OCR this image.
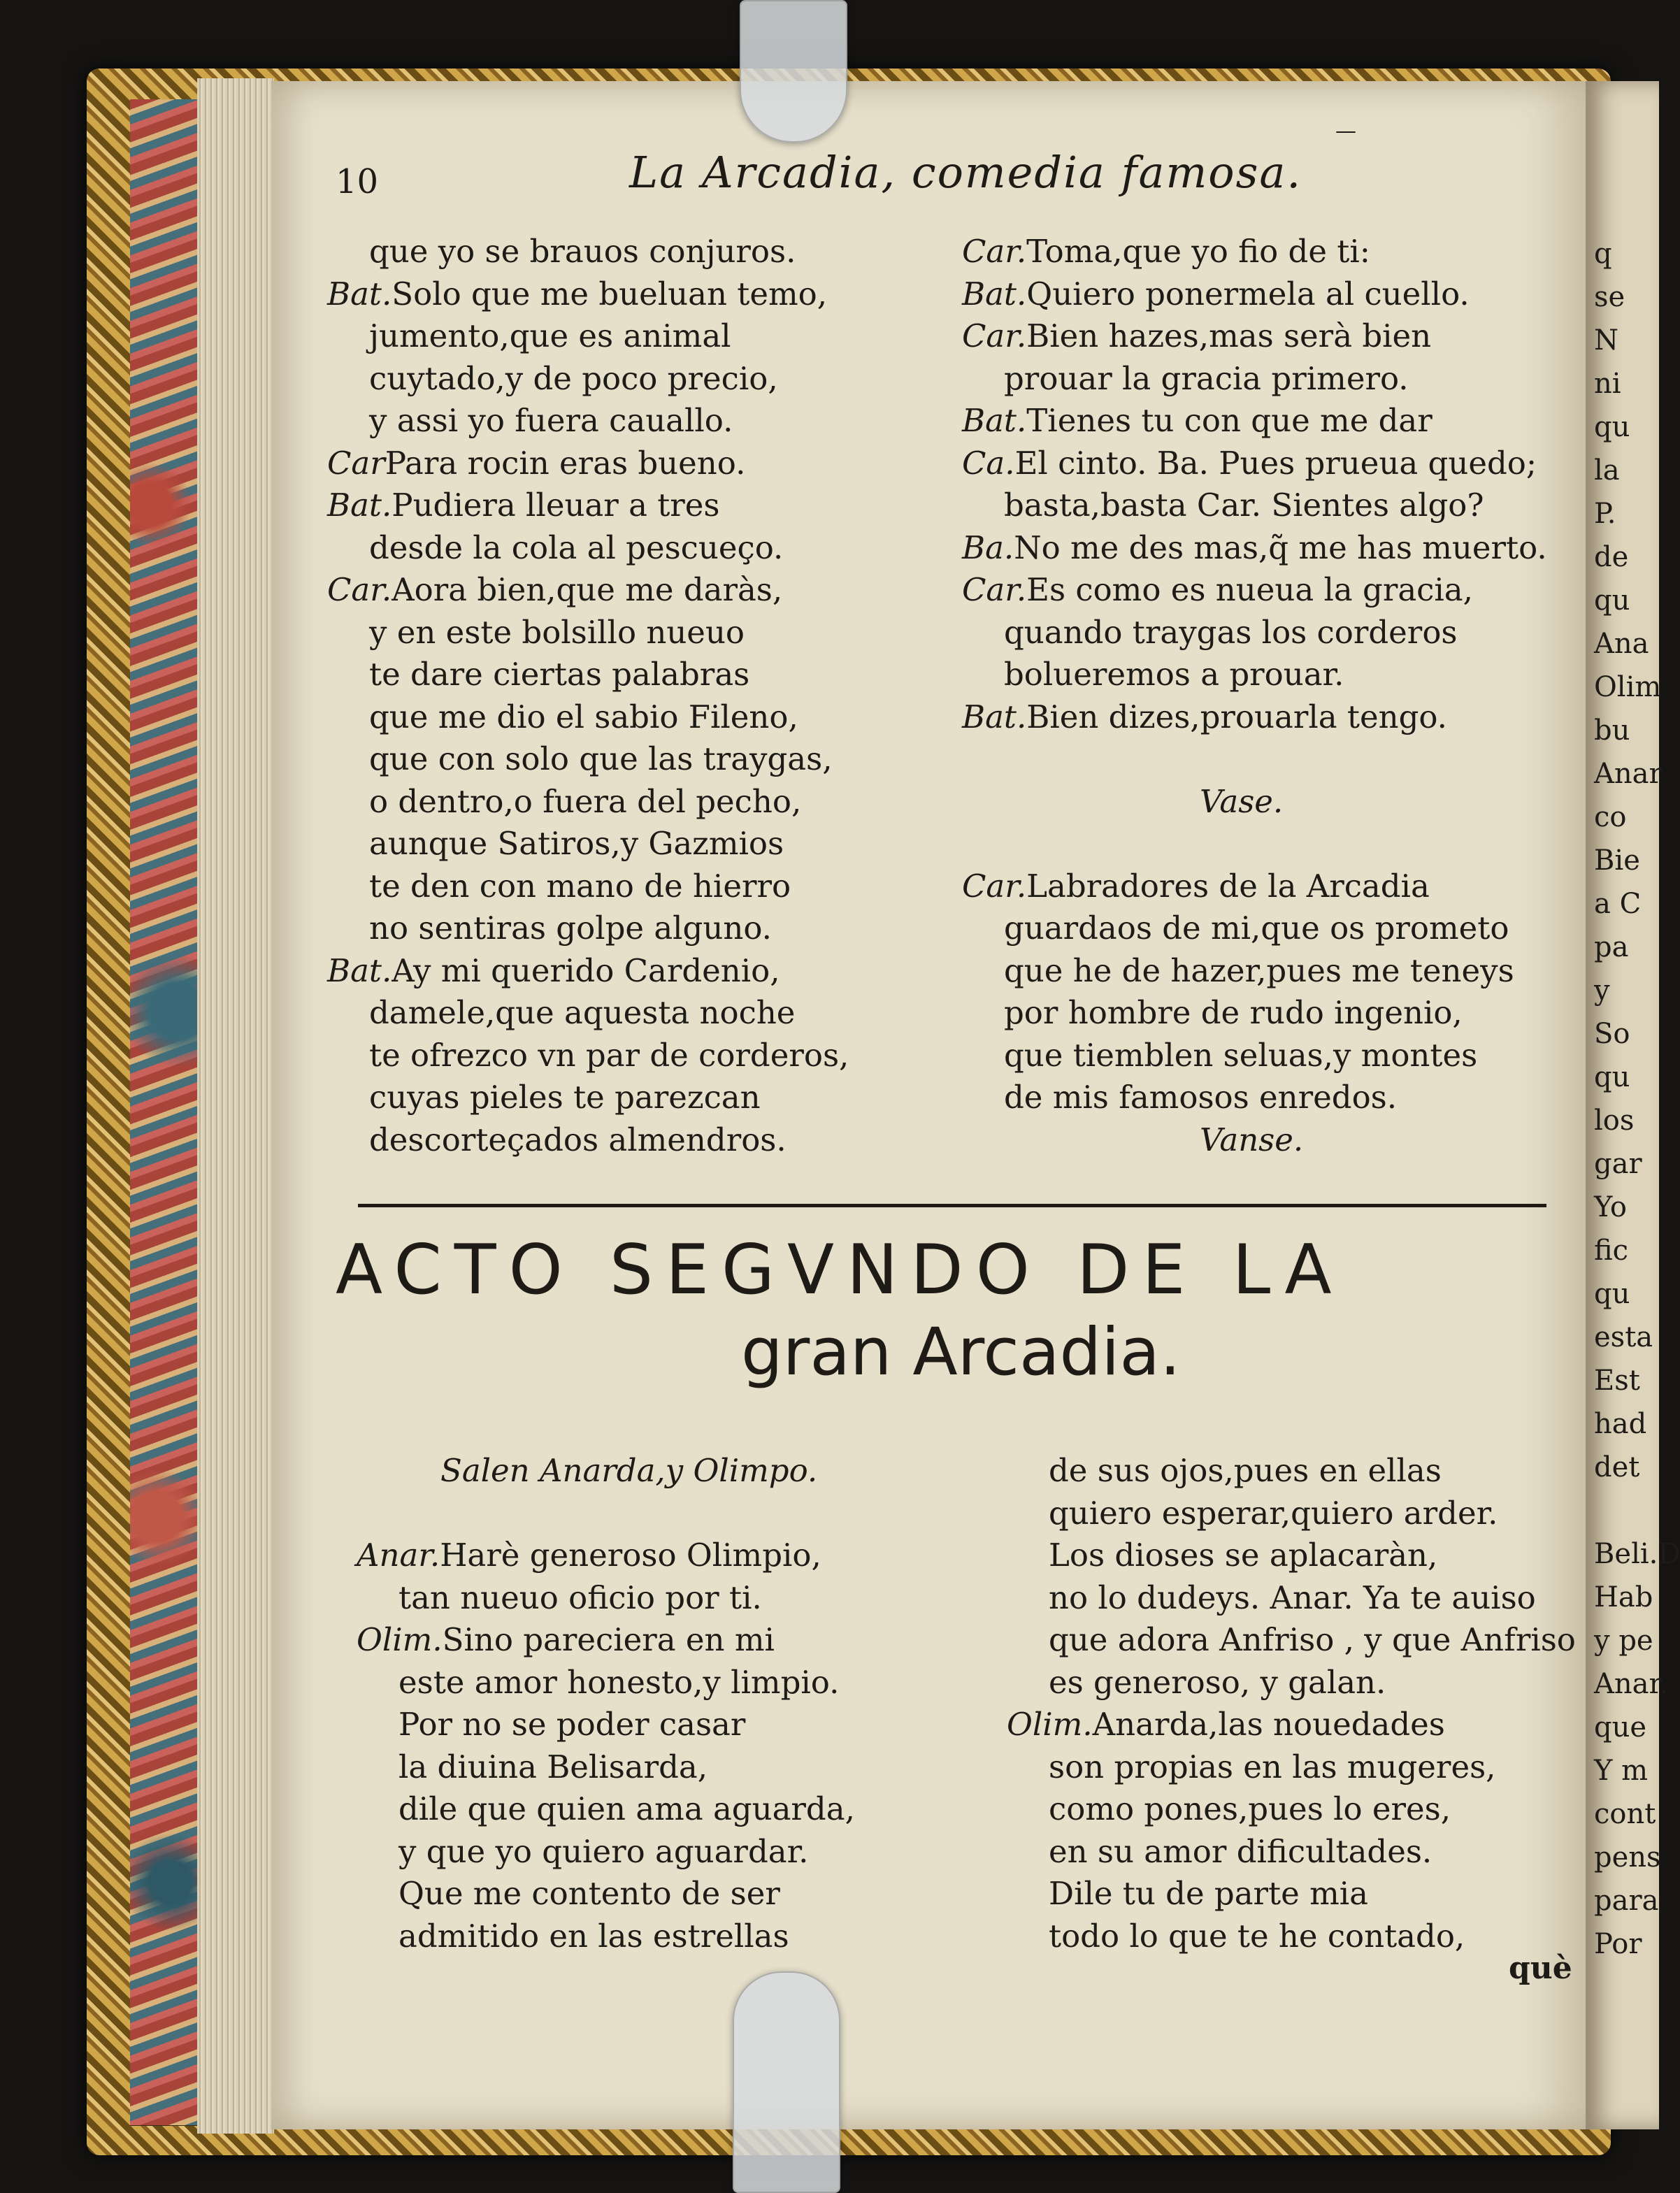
10	La Arcadia, comedia famosa.
—
que yo se brauos conjuros.
Bat.Solo que me bueluan temo,
jumento,que es animal
cuytado,y de poco precio,
y assi yo fuera cauallo.
CarPara rocin eras bueno.
Bat.Pudiera lleuar a tres
desde la cola al pescueço.
Car.Aora bien,que me daràs,
y en este bolsillo nueuo
te dare ciertas palabras
que me dio el sabio Fileno,
que con solo que las traygas,
o dentro,o fuera del pecho,
aunque Satiros,y Gazmios
te den con mano de hierro
no sentiras golpe alguno.
Bat.Ay mi querido Cardenio,
damele,que aquesta noche
te ofrezco vn par de corderos,
cuyas pieles te parezcan
descorteçados almendros.
Car.Toma,que yo fio de ti:
Bat.Quiero ponermela al cuello.
Car.Bien hazes,mas serà bien
prouar la gracia primero.
Bat.Tienes tu con que me dar
Ca.El cinto. Ba. Pues prueua quedo;
basta,basta Car. Sientes algo?
Ba.No me des mas,q̃ me has muerto.
Car.Es como es nueua la gracia,
quando traygas los corderos
bolueremos a prouar.
Bat.Bien dizes,prouarla tengo.
Vase.
Car.Labradores de la Arcadia
guardaos de mi,que os prometo
que he de hazer,pues me teneys
por hombre de rudo ingenio,
que tiemblen seluas,y montes
de mis famosos enredos.
Vanse.
ACTO SEGVNDO DE LA
gran Arcadia.
Salen Anarda,y Olimpo.
Anar.Harè generoso Olimpio,
tan nueuo oficio por ti.
Olim.Sino pareciera en mi
este amor honesto,y limpio.
Por no se poder casar
la diuina Belisarda,
dile que quien ama aguarda,
y que yo quiero aguardar.
Que me contento de ser
admitido en las estrellas
de sus ojos,pues en ellas
quiero esperar,quiero arder.
Los dioses se aplacaràn,
no lo dudeys. Anar. Ya te auiso
que adora Anfriso , y que Anfriso
es generoso, y galan.
Olim.Anarda,las nouedades
son propias en las mugeres,
como pones,pues lo eres,
en su amor dificultades.
Dile tu de parte mia
todo lo que te he contado,
què
q
se
N
ni
qu
la
P.
de
qu
Ana
Olim
bu
Anar
co
Bie
a C
pa
y
So
qu
los
gar
Yo
fic
qu
esta
Est
had
det
Beli.D
Hab
y pe
Anar.
que
Y m
cont
pens
para
Por
